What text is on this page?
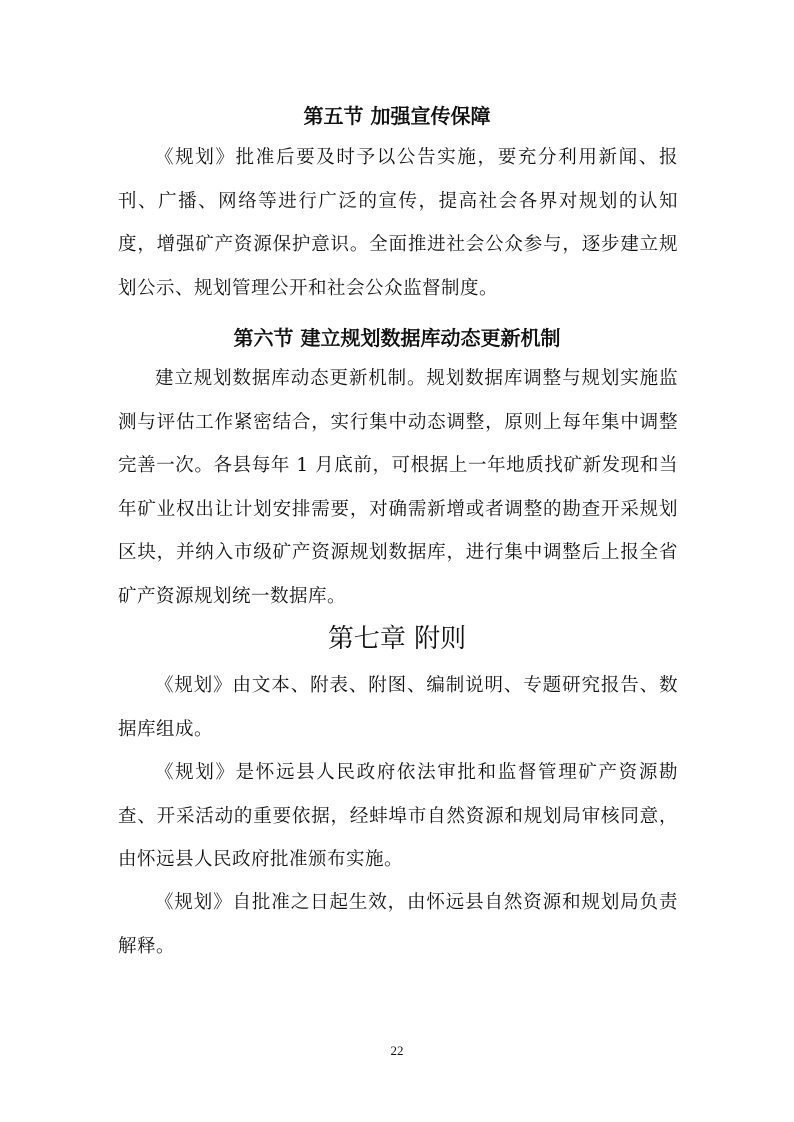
第五节 加强宣传保障

《规划》批准后要及时予以公告实施，要充分利用新闻、报刊、广播、网络等进行广泛的宣传，提高社会各界对规划的认知度，增强矿产资源保护意识。全面推进社会公众参与，逐步建立规划公示、规划管理公开和社会公众监督制度。

第六节 建立规划数据库动态更新机制

建立规划数据库动态更新机制。规划数据库调整与规划实施监测与评估工作紧密结合，实行集中动态调整，原则上每年集中调整完善一次。各县每年 1 月底前，可根据上一年地质找矿新发现和当年矿业权出让计划安排需要，对确需新增或者调整的勘查开采规划区块，并纳入市级矿产资源规划数据库，进行集中调整后上报全省矿产资源规划统一数据库。

第七章 附则

《规划》由文本、附表、附图、编制说明、专题研究报告、数据库组成。

《规划》是怀远县人民政府依法审批和监督管理矿产资源勘查、开采活动的重要依据，经蚌埠市自然资源和规划局审核同意，由怀远县人民政府批准颁布实施。

《规划》自批准之日起生效，由怀远县自然资源和规划局负责解释。

22
